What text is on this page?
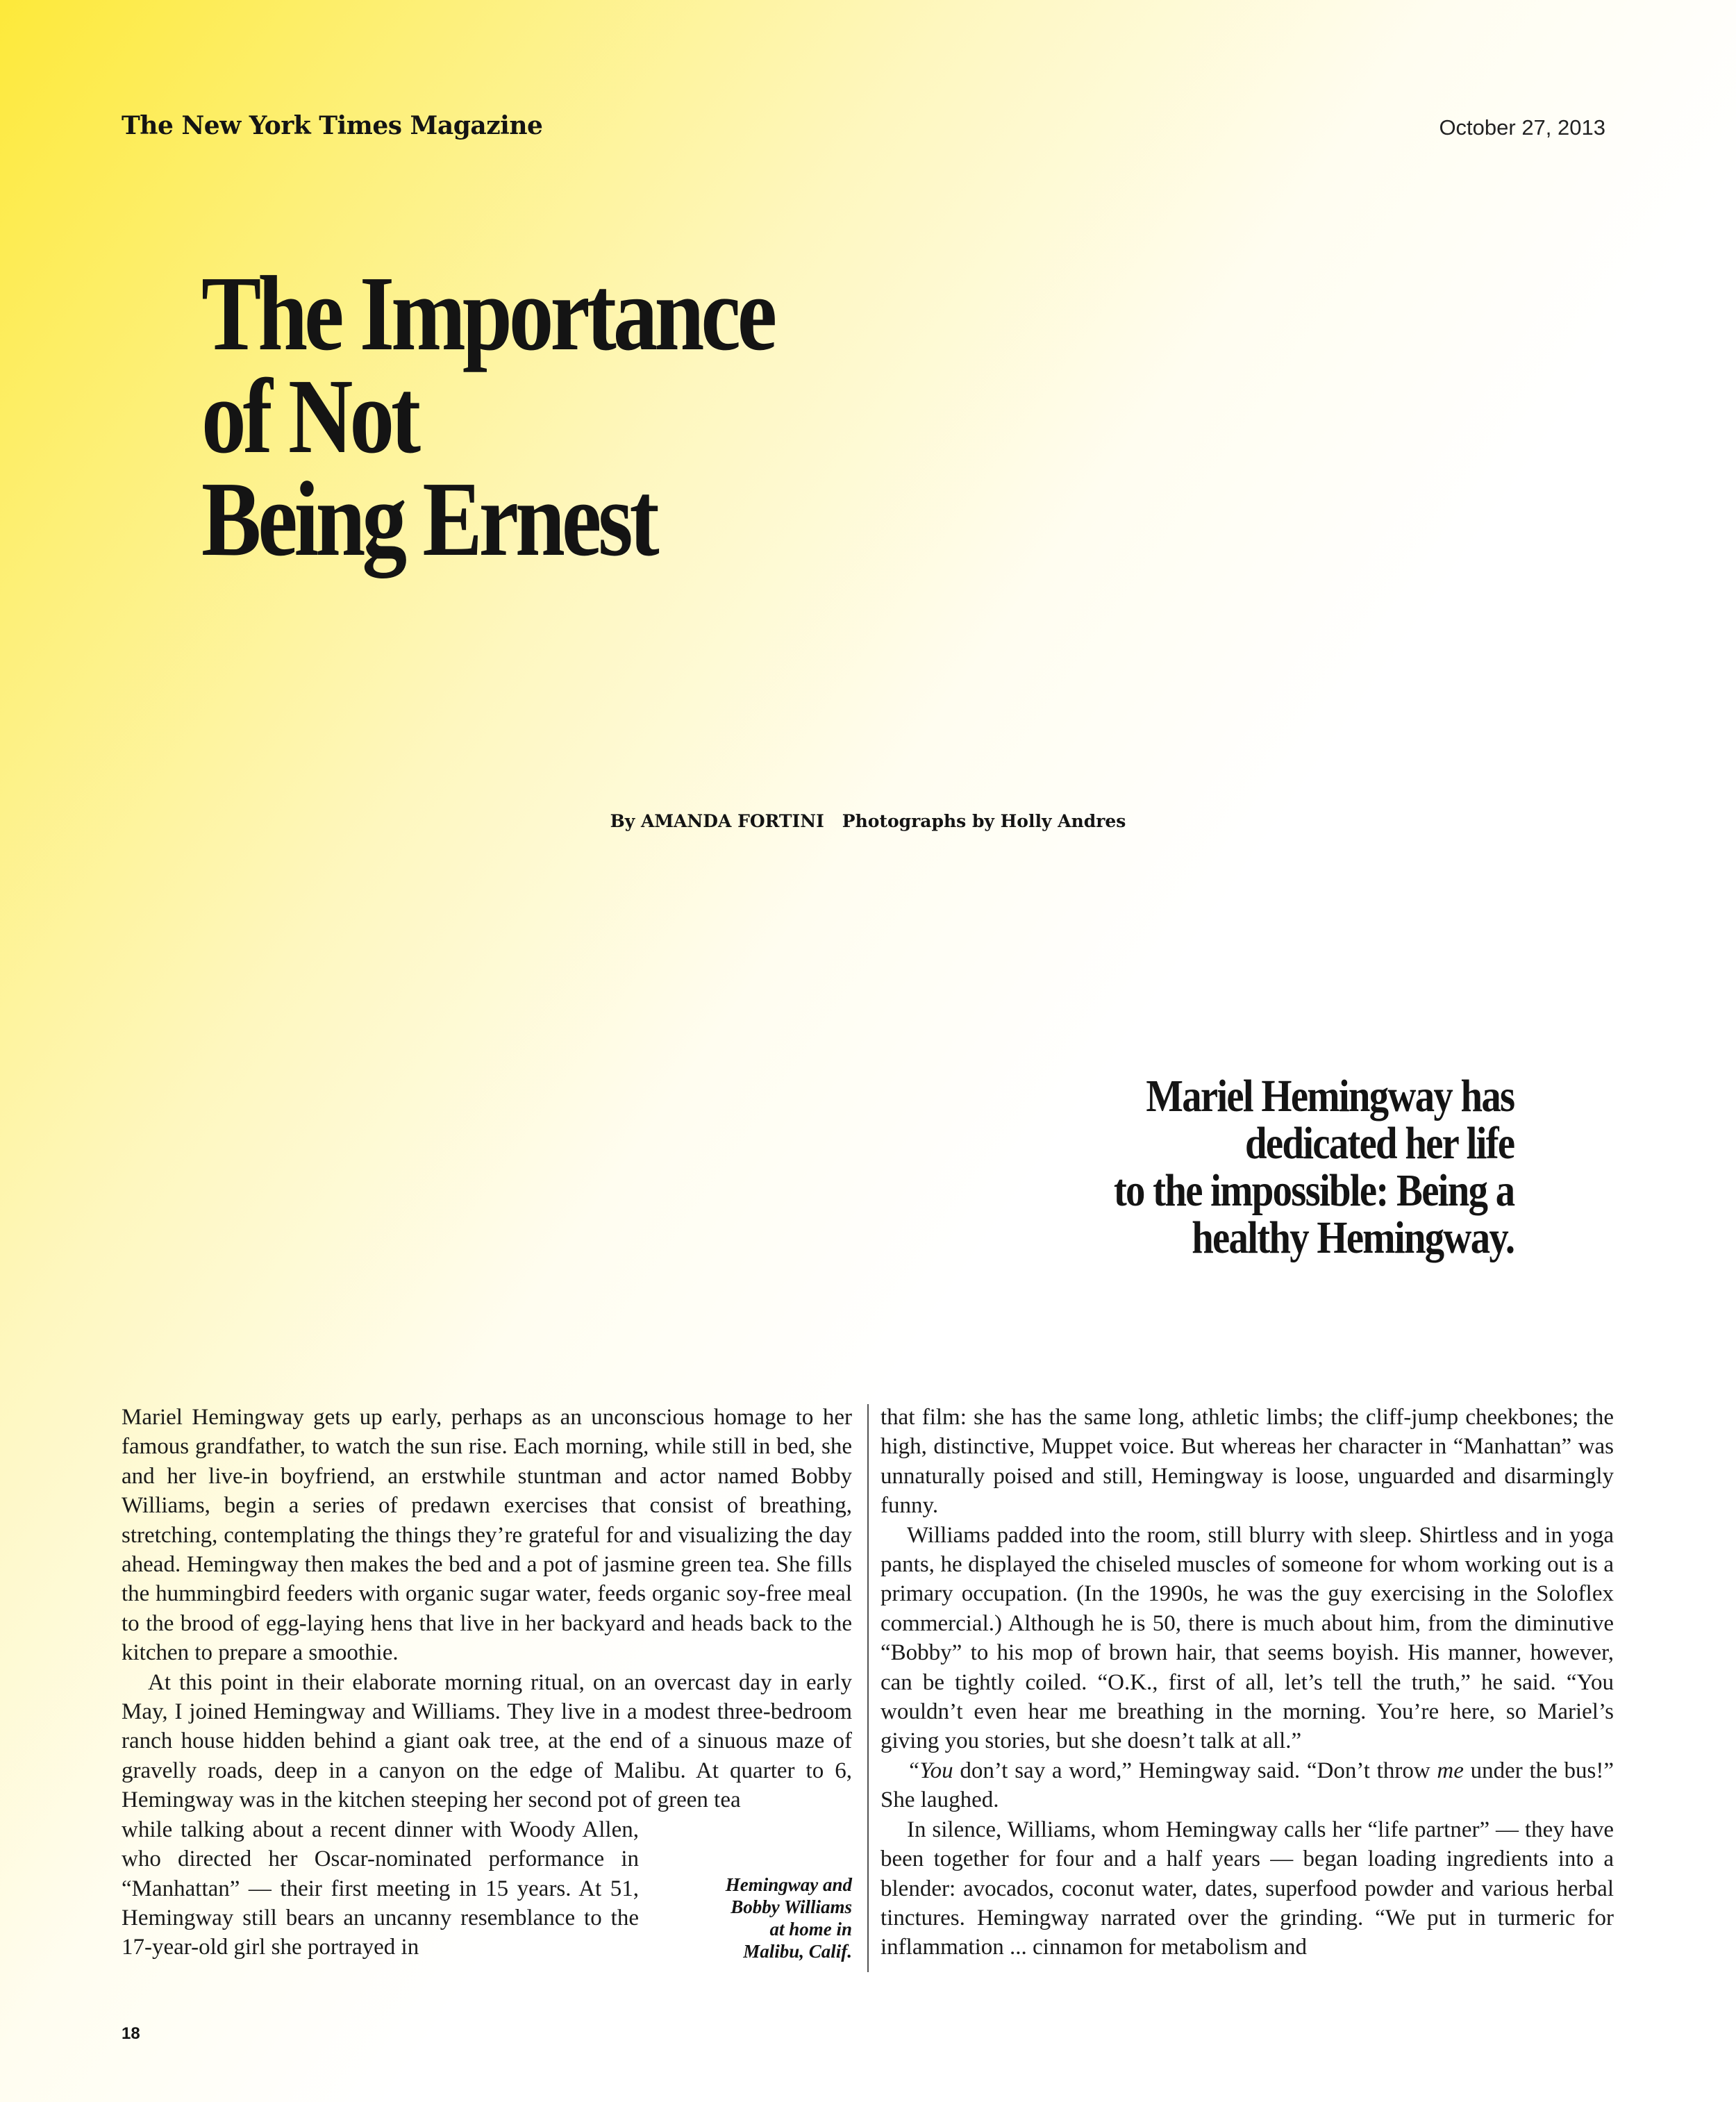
The New York Times Magazine	October 27, 2013
The Importance
of Not
Being Ernest
By AMANDA FORTINI Photographs by Holly Andres
Mariel Hemingway has
dedicated her life
to the impossible: Being a
healthy Hemingway.

Mariel Hemingway gets up early, perhaps as an unconscious homage to her famous grandfather, to watch the sun rise. Each morning, while still in bed, she and her live-in boyfriend, an erstwhile stuntman and actor named Bobby Williams, begin a series of predawn exercises that consist of breathing, stretching, contemplating the things they’re grateful for and visualizing the day ahead. Hemingway then makes the bed and a pot of jasmine green tea. She fills the hummingbird feeders with organic sugar water, feeds organic soy-free meal to the brood of egg-laying hens that live in her backyard and heads back to the kitchen to prepare a smoothie.

At this point in their elaborate morning ritual, on an overcast day in early May, I joined Hemingway and Williams. They live in a modest three-bedroom ranch house hidden behind a giant oak tree, at the end of a sinuous maze of gravelly roads, deep in a canyon on the edge of Malibu. At quarter to 6, Hemingway was in the kitchen steeping her second pot of green tea

while talking about a recent dinner with Woody Allen, who directed her Oscar-nominated performance in “Manhattan” — their first meeting in 15 years. At 51, Hemingway still bears an uncanny resemblance to the 17-year-old girl she portrayed in

Hemingway and
Bobby Williams
at home in
Malibu, Calif.

that film: she has the same long, athletic limbs; the cliff-jump cheekbones; the high, distinctive, Muppet voice. But whereas her character in “Manhattan” was unnaturally poised and still, Hemingway is loose, unguarded and disarmingly funny.

Williams padded into the room, still blurry with sleep. Shirtless and in yoga pants, he displayed the chiseled muscles of someone for whom working out is a primary occupation. (In the 1990s, he was the guy exercising in the Soloflex commercial.) Although he is 50, there is much about him, from the diminutive “Bobby” to his mop of brown hair, that seems boyish. His manner, however, can be tightly coiled. “O.K., first of all, let’s tell the truth,” he said. “You wouldn’t even hear me breathing in the morning. You’re here, so Mariel’s giving you stories, but she doesn’t talk at all.”

“You don’t say a word,” Hemingway said. “Don’t throw me under the bus!” She laughed.

In silence, Williams, whom Hemingway calls her “life partner” — they have been together for four and a half years — began loading ingredients into a blender: avocados, coconut water, dates, superfood powder and various herbal tinctures. Hemingway narrated over the grinding. “We put in turmeric for inflammation ... cinnamon for metabolism and

18
